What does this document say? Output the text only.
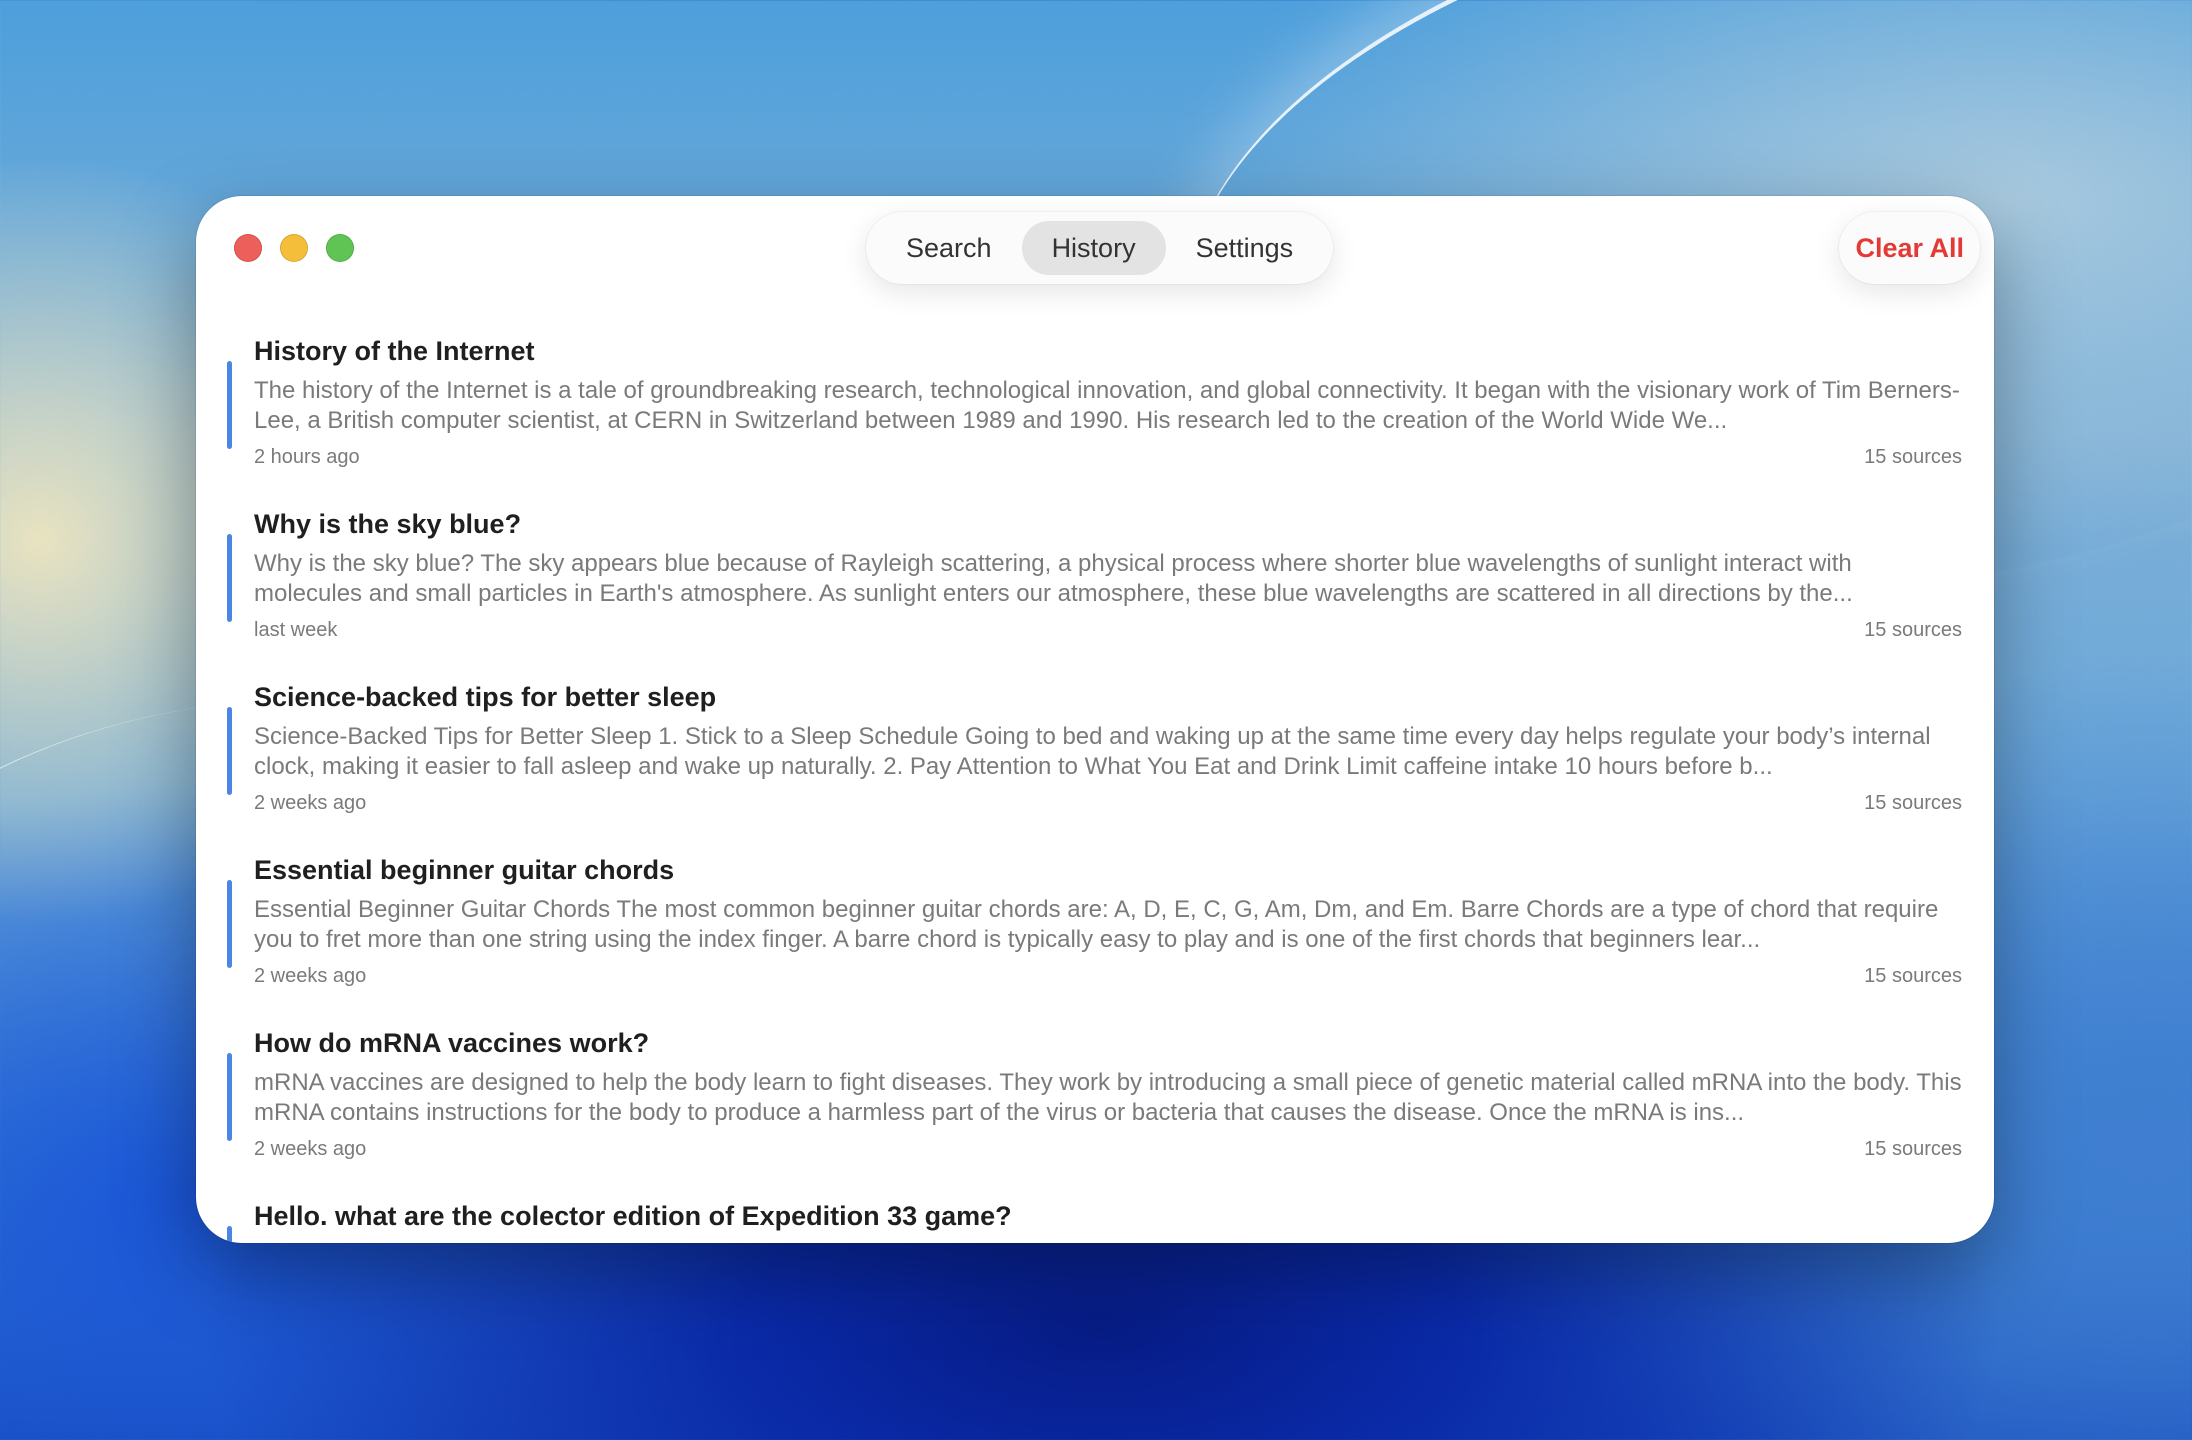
Search	History	Settings	Clear All
History of the Internet
The history of the Internet is a tale of groundbreaking research, technological innovation, and global connectivity. It began with the visionary work of Tim Berners-Lee, a British computer scientist, at CERN in Switzerland between 1989 and 1990. His research led to the creation of the World Wide We...
2 hours ago	15 sources
Why is the sky blue?
Why is the sky blue? The sky appears blue because of Rayleigh scattering, a physical process where shorter blue wavelengths of sunlight interact with molecules and small particles in Earth's atmosphere. As sunlight enters our atmosphere, these blue wavelengths are scattered in all directions by the...
last week	15 sources
Science-backed tips for better sleep
Science-Backed Tips for Better Sleep 1. Stick to a Sleep Schedule Going to bed and waking up at the same time every day helps regulate your body’s internal clock, making it easier to fall asleep and wake up naturally. 2. Pay Attention to What You Eat and Drink Limit caffeine intake 10 hours before b...
2 weeks ago	15 sources
Essential beginner guitar chords
Essential Beginner Guitar Chords The most common beginner guitar chords are: A, D, E, C, G, Am, Dm, and Em. Barre Chords are a type of chord that require you to fret more than one string using the index finger. A barre chord is typically easy to play and is one of the first chords that beginners lear...
2 weeks ago	15 sources
How do mRNA vaccines work?
mRNA vaccines are designed to help the body learn to fight diseases. They work by introducing a small piece of genetic material called mRNA into the body. This mRNA contains instructions for the body to produce a harmless part of the virus or bacteria that causes the disease. Once the mRNA is ins...
2 weeks ago	15 sources
Hello. what are the colector edition of Expedition 33 game?
